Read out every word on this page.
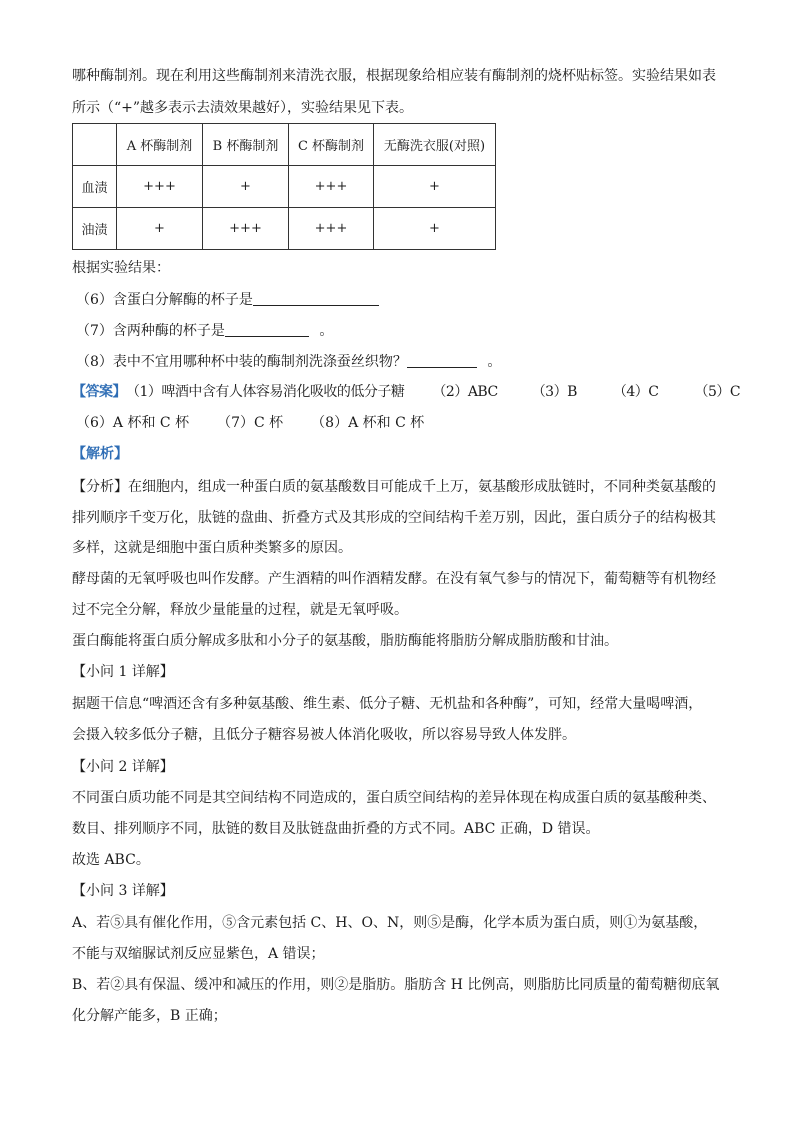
哪种酶制剂。现在利用这些酶制剂来清洗衣服，根据现象给相应装有酶制剂的烧杯贴标签。实验结果如表
所示（“+”越多表示去渍效果越好），实验结果见下表。
	A 杯酶制剂	B 杯酶制剂	C 杯酶制剂	无酶洗衣服(对照)
血渍	+++	+	+++	+
油渍	+	+++	+++	+
根据实验结果：
（6）含蛋白分解酶的杯子是
（7）含两种酶的杯子是	。
（8）表中不宜用哪种杯中装的酶制剂洗涤蚕丝织物？	。
【答案】（1）啤酒中含有人体容易消化吸收的低分子糖 （2）ABC （3）B	（4）C	（5）C
（6）A 杯和 C 杯 （7）C 杯 （8）A 杯和 C 杯
【解析】
【分析】在细胞内，组成一种蛋白质的氨基酸数目可能成千上万，氨基酸形成肽链时，不同种类氨基酸的
排列顺序千变万化，肽链的盘曲、折叠方式及其形成的空间结构千差万别，因此，蛋白质分子的结构极其
多样，这就是细胞中蛋白质种类繁多的原因。
酵母菌的无氧呼吸也叫作发酵。产生酒精的叫作酒精发酵。在没有氧气参与的情况下，葡萄糖等有机物经
过不完全分解，释放少量能量的过程，就是无氧呼吸。
蛋白酶能将蛋白质分解成多肽和小分子的氨基酸，脂肪酶能将脂肪分解成脂肪酸和甘油。
【小问 1 详解】
据题干信息“啤酒还含有多种氨基酸、维生素、低分子糖、无机盐和各种酶”，可知，经常大量喝啤酒，
会摄入较多低分子糖，且低分子糖容易被人体消化吸收，所以容易导致人体发胖。
【小问 2 详解】
不同蛋白质功能不同是其空间结构不同造成的，蛋白质空间结构的差异体现在构成蛋白质的氨基酸种类、
数目、排列顺序不同，肽链的数目及肽链盘曲折叠的方式不同。ABC 正确，D 错误。
故选 ABC。
【小问 3 详解】
A、若⑤具有催化作用，⑤含元素包括 C、H、O、N，则⑤是酶，化学本质为蛋白质，则①为氨基酸，
不能与双缩脲试剂反应显紫色，A 错误；
B、若②具有保温、缓冲和减压的作用，则②是脂肪。脂肪含 H 比例高，则脂肪比同质量的葡萄糖彻底氧
化分解产能多，B 正确；
